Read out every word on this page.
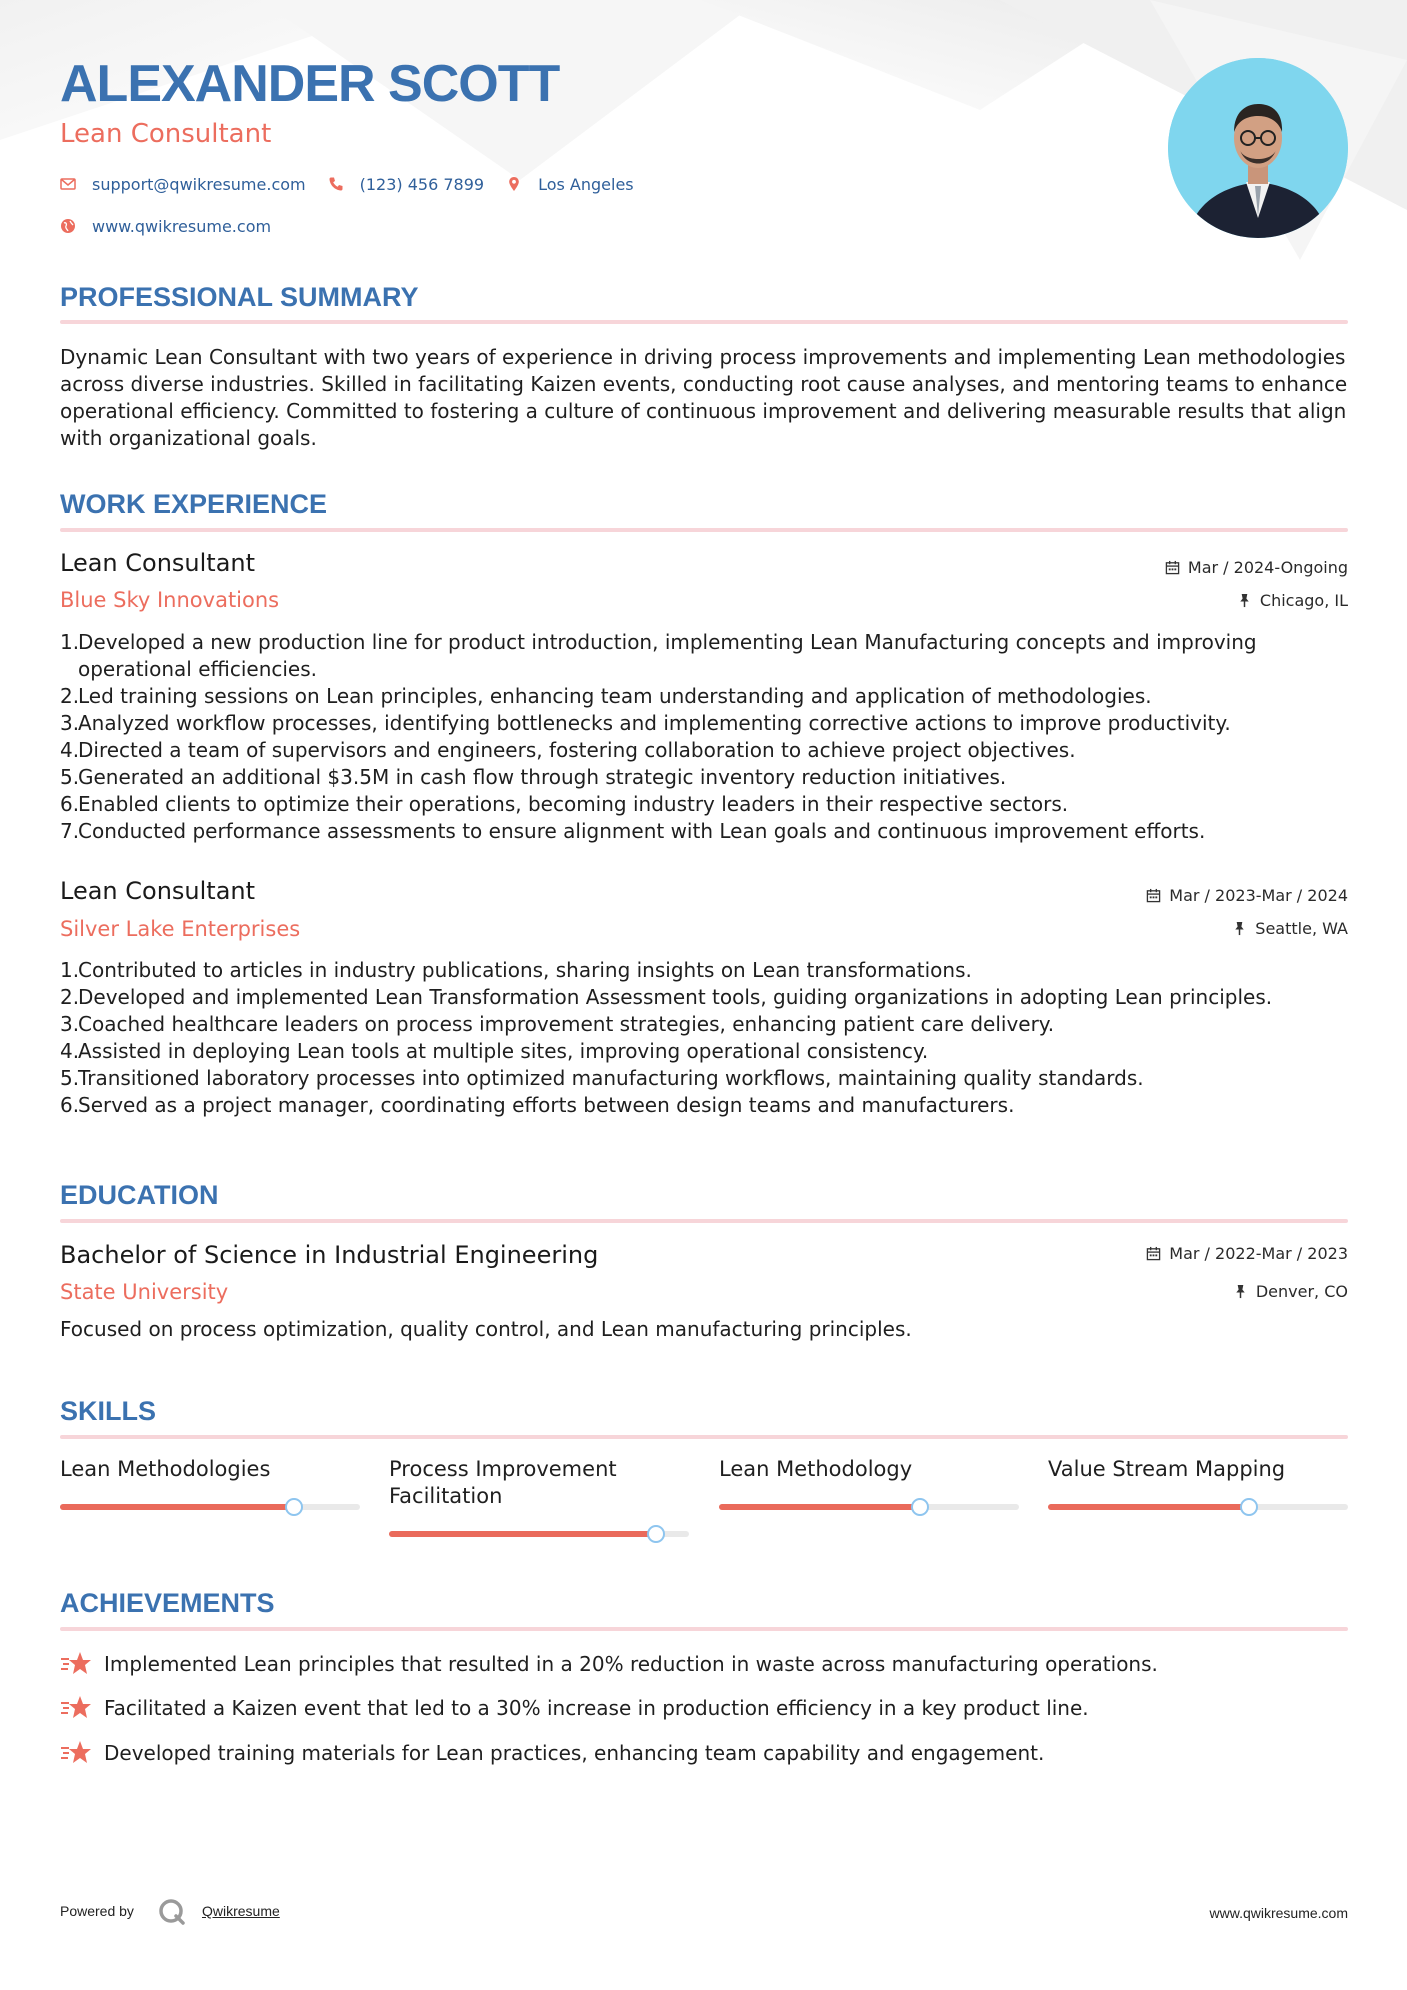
ALEXANDER SCOTT

Lean Consultant

support@qwikresume.com	(123) 456 7899	Los Angeles
www.qwikresume.com
PROFESSIONAL SUMMARY

Dynamic Lean Consultant with two years of experience in driving process improvements and implementing Lean methodologies across diverse industries. Skilled in facilitating Kaizen events, conducting root cause analyses, and mentoring teams to enhance operational efficiency. Committed to fostering a culture of continuous improvement and delivering measurable results that align with organizational goals.

WORK EXPERIENCE

Lean Consultant

Blue Sky Innovations

Mar / 2024-Ongoing
Chicago, IL
1.
Developed a new production line for product introduction, implementing Lean Manufacturing concepts and improving operational efficiencies.
2.
Led training sessions on Lean principles, enhancing team understanding and application of methodologies.
3.
Analyzed workflow processes, identifying bottlenecks and implementing corrective actions to improve productivity.
4.
Directed a team of supervisors and engineers, fostering collaboration to achieve project objectives.
5.
Generated an additional $3.5M in cash flow through strategic inventory reduction initiatives.
6.
Enabled clients to optimize their operations, becoming industry leaders in their respective sectors.
7.
Conducted performance assessments to ensure alignment with Lean goals and continuous improvement efforts.

Lean Consultant

Silver Lake Enterprises

Mar / 2023-Mar / 2024
Seattle, WA
1.
Contributed to articles in industry publications, sharing insights on Lean transformations.
2.
Developed and implemented Lean Transformation Assessment tools, guiding organizations in adopting Lean principles.
3.
Coached healthcare leaders on process improvement strategies, enhancing patient care delivery.
4.
Assisted in deploying Lean tools at multiple sites, improving operational consistency.
5.
Transitioned laboratory processes into optimized manufacturing workflows, maintaining quality standards.
6.
Served as a project manager, coordinating efforts between design teams and manufacturers.
EDUCATION

Bachelor of Science in Industrial Engineering

State University

Mar / 2022-Mar / 2023
Denver, CO

Focused on process optimization, quality control, and Lean manufacturing principles.

SKILLS

Lean Methodologies	Process Improvement Facilitation

Lean Methodology	Value Stream Mapping

ACHIEVEMENTS
Implemented Lean principles that resulted in a 20% reduction in waste across manufacturing operations.
Facilitated a Kaizen event that led to a 30% increase in production efficiency in a key product line.
Developed training materials for Lean practices, enhancing team capability and engagement.
Powered by	Qwikresume	www.qwikresume.com
